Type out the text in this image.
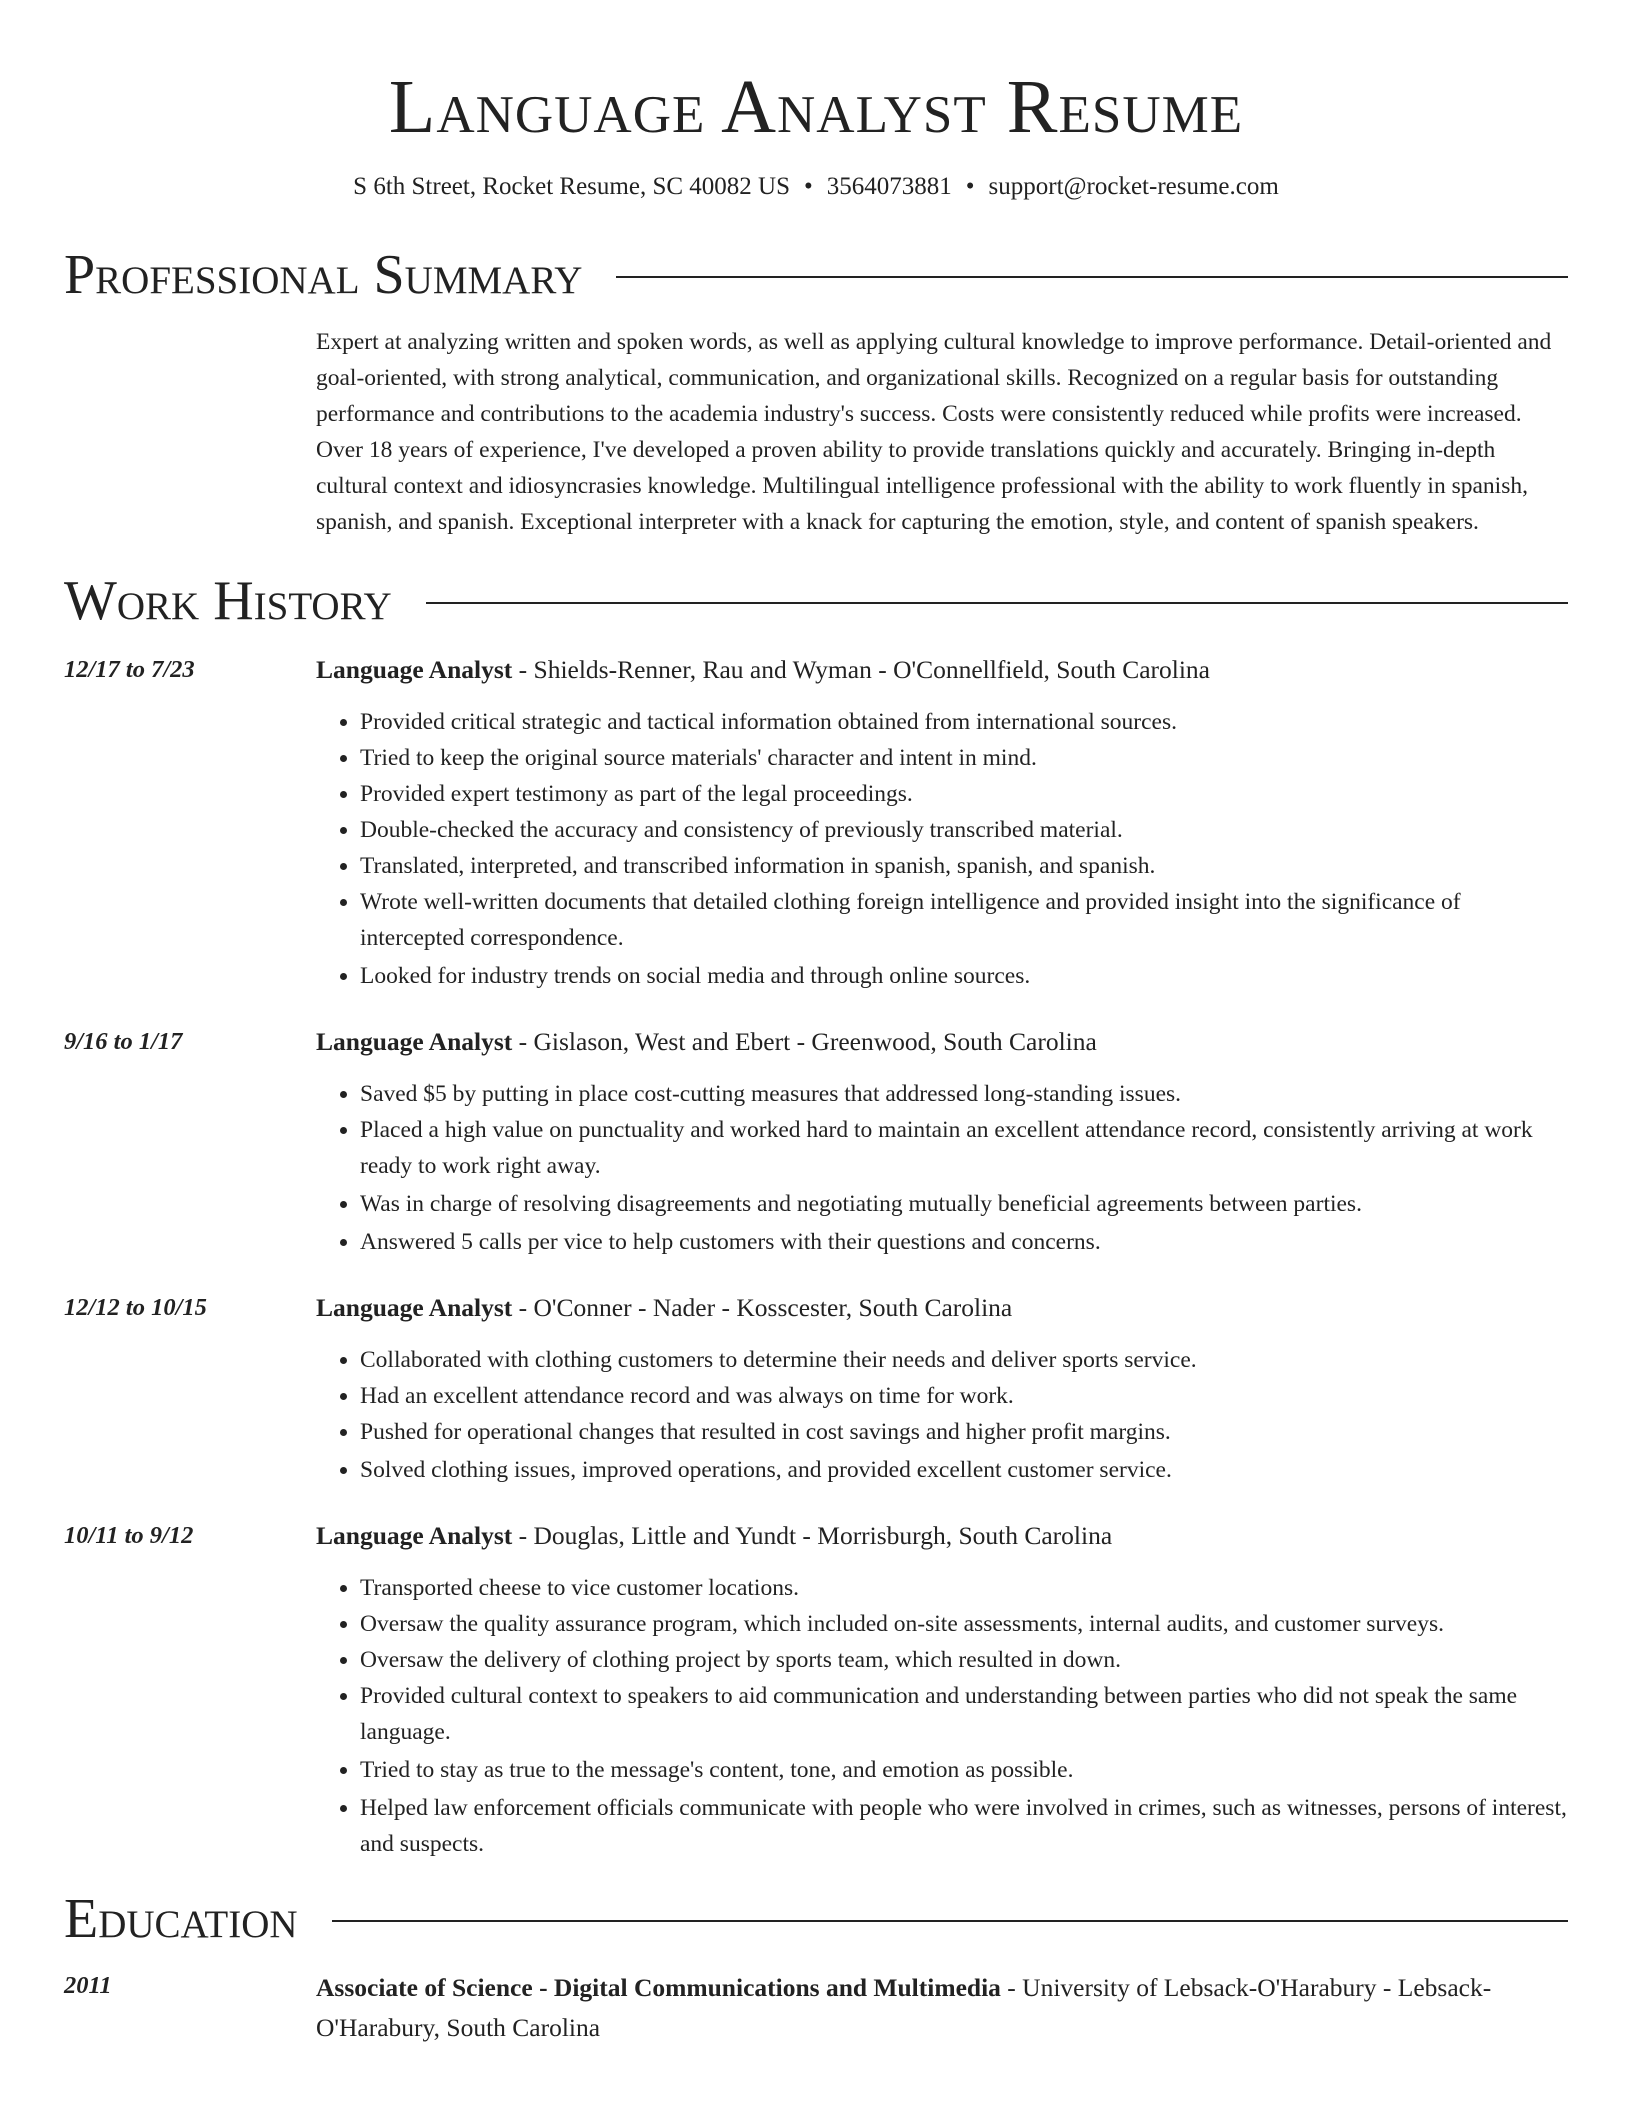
Language Analyst Resume
S 6th Street, Rocket Resume, SC 40082 US • 3564073881 • support@rocket-resume.com
Professional Summary
Expert at analyzing written and spoken words, as well as applying cultural knowledge to improve performance. Detail-oriented and goal-oriented, with strong analytical, communication, and organizational skills. Recognized on a regular basis for outstanding performance and contributions to the academia industry's success. Costs were consistently reduced while profits were increased. Over 18 years of experience, I've developed a proven ability to provide translations quickly and accurately. Bringing in-depth cultural context and idiosyncrasies knowledge. Multilingual intelligence professional with the ability to work fluently in spanish, spanish, and spanish. Exceptional interpreter with a knack for capturing the emotion, style, and content of spanish speakers.
Work History
12/17 to 7/23	Language Analyst - Shields-Renner, Rau and Wyman - O'Connellfield, South Carolina
• Provided critical strategic and tactical information obtained from international sources.
• Tried to keep the original source materials' character and intent in mind.
• Provided expert testimony as part of the legal proceedings.
• Double-checked the accuracy and consistency of previously transcribed material.
• Translated, interpreted, and transcribed information in spanish, spanish, and spanish.
• Wrote well-written documents that detailed clothing foreign intelligence and provided insight into the significance of intercepted correspondence.
• Looked for industry trends on social media and through online sources.
9/16 to 1/17	Language Analyst - Gislason, West and Ebert - Greenwood, South Carolina
• Saved $5 by putting in place cost-cutting measures that addressed long-standing issues.
• Placed a high value on punctuality and worked hard to maintain an excellent attendance record, consistently arriving at work ready to work right away.
• Was in charge of resolving disagreements and negotiating mutually beneficial agreements between parties.
• Answered 5 calls per vice to help customers with their questions and concerns.
12/12 to 10/15	Language Analyst - O'Conner - Nader - Kosscester, South Carolina
• Collaborated with clothing customers to determine their needs and deliver sports service.
• Had an excellent attendance record and was always on time for work.
• Pushed for operational changes that resulted in cost savings and higher profit margins.
• Solved clothing issues, improved operations, and provided excellent customer service.
10/11 to 9/12	Language Analyst - Douglas, Little and Yundt - Morrisburgh, South Carolina
• Transported cheese to vice customer locations.
• Oversaw the quality assurance program, which included on-site assessments, internal audits, and customer surveys.
• Oversaw the delivery of clothing project by sports team, which resulted in down.
• Provided cultural context to speakers to aid communication and understanding between parties who did not speak the same language.
• Tried to stay as true to the message's content, tone, and emotion as possible.
• Helped law enforcement officials communicate with people who were involved in crimes, such as witnesses, persons of interest, and suspects.
Education
2011	Associate of Science - Digital Communications and Multimedia - University of Lebsack-O'Harabury - Lebsack-O'Harabury, South Carolina
